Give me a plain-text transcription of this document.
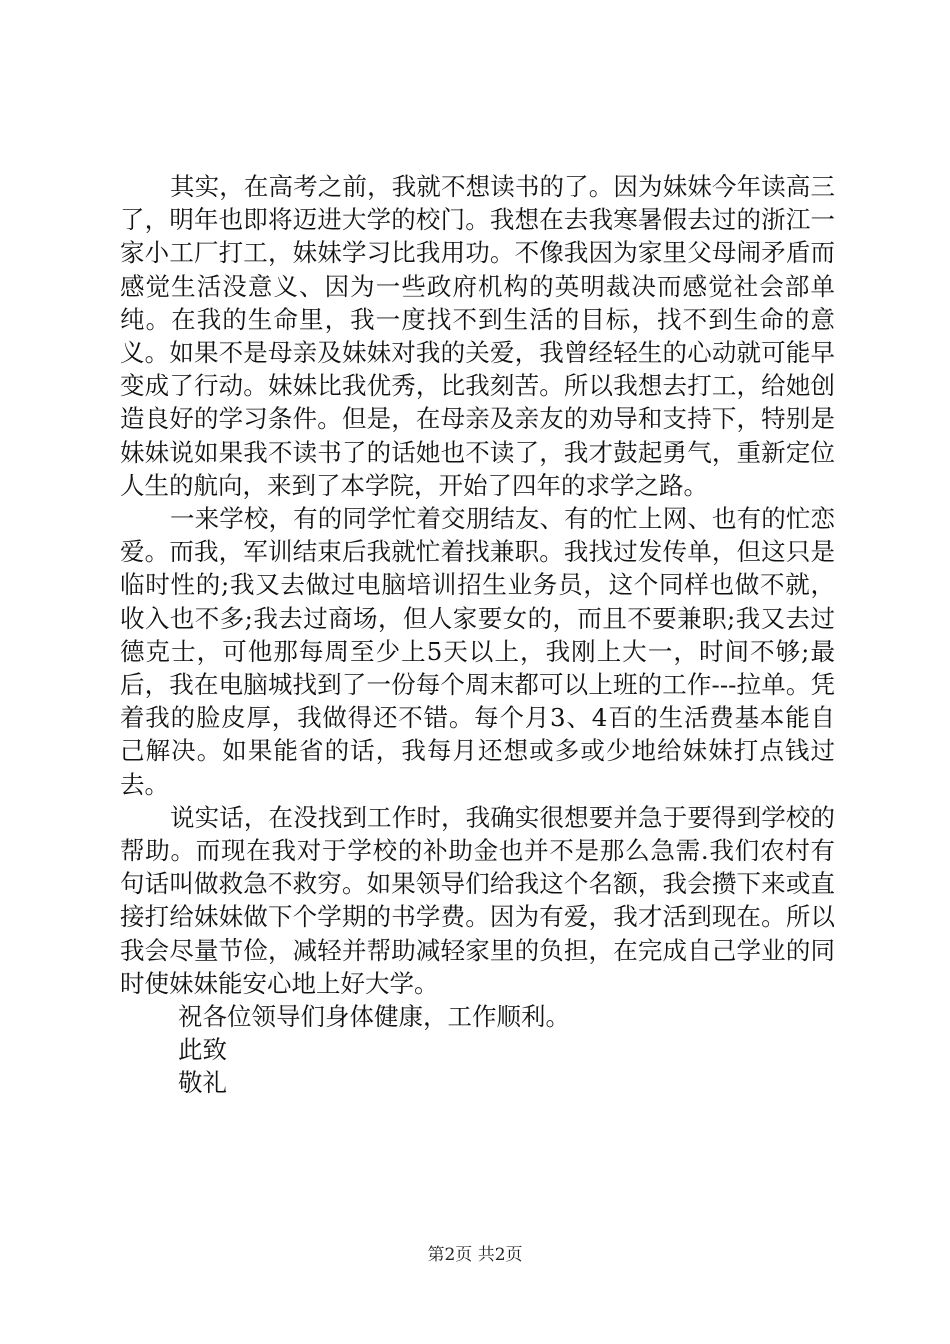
其实，在高考之前，我就不想读书的了。因为妹妹今年读高三了，明年也即将迈进大学的校门。我想在去我寒暑假去过的浙江一家小工厂打工，妹妹学习比我用功。不像我因为家里父母闹矛盾而感觉生活没意义、因为一些政府机构的英明裁决而感觉社会部单纯。在我的生命里，我一度找不到生活的目标，找不到生命的意义。如果不是母亲及妹妹对我的关爱，我曾经轻生的心动就可能早变成了行动。妹妹比我优秀，比我刻苦。所以我想去打工，给她创造良好的学习条件。但是，在母亲及亲友的劝导和支持下，特别是妹妹说如果我不读书了的话她也不读了，我才鼓起勇气，重新定位人生的航向，来到了本学院，开始了四年的求学之路。

一来学校，有的同学忙着交朋结友、有的忙上网、也有的忙恋爱。而我，军训结束后我就忙着找兼职。我找过发传单，但这只是临时性的;我又去做过电脑培训招生业务员，这个同样也做不就，收入也不多;我去过商场，但人家要女的，而且不要兼职;我又去过德克士，可他那每周至少上5天以上，我刚上大一，时间不够;最后，我在电脑城找到了一份每个周末都可以上班的工作---拉单。凭着我的脸皮厚，我做得还不错。每个月3、4百的生活费基本能自己解决。如果能省的话，我每月还想或多或少地给妹妹打点钱过去。

说实话，在没找到工作时，我确实很想要并急于要得到学校的帮助。而现在我对于学校的补助金也并不是那么急需.我们农村有句话叫做救急不救穷。如果领导们给我这个名额，我会攒下来或直接打给妹妹做下个学期的书学费。因为有爱，我才活到现在。所以我会尽量节俭，减轻并帮助减轻家里的负担，在完成自己学业的同时使妹妹能安心地上好大学。

祝各位领导们身体健康，工作顺利。

此致

敬礼

第2页 共2页
